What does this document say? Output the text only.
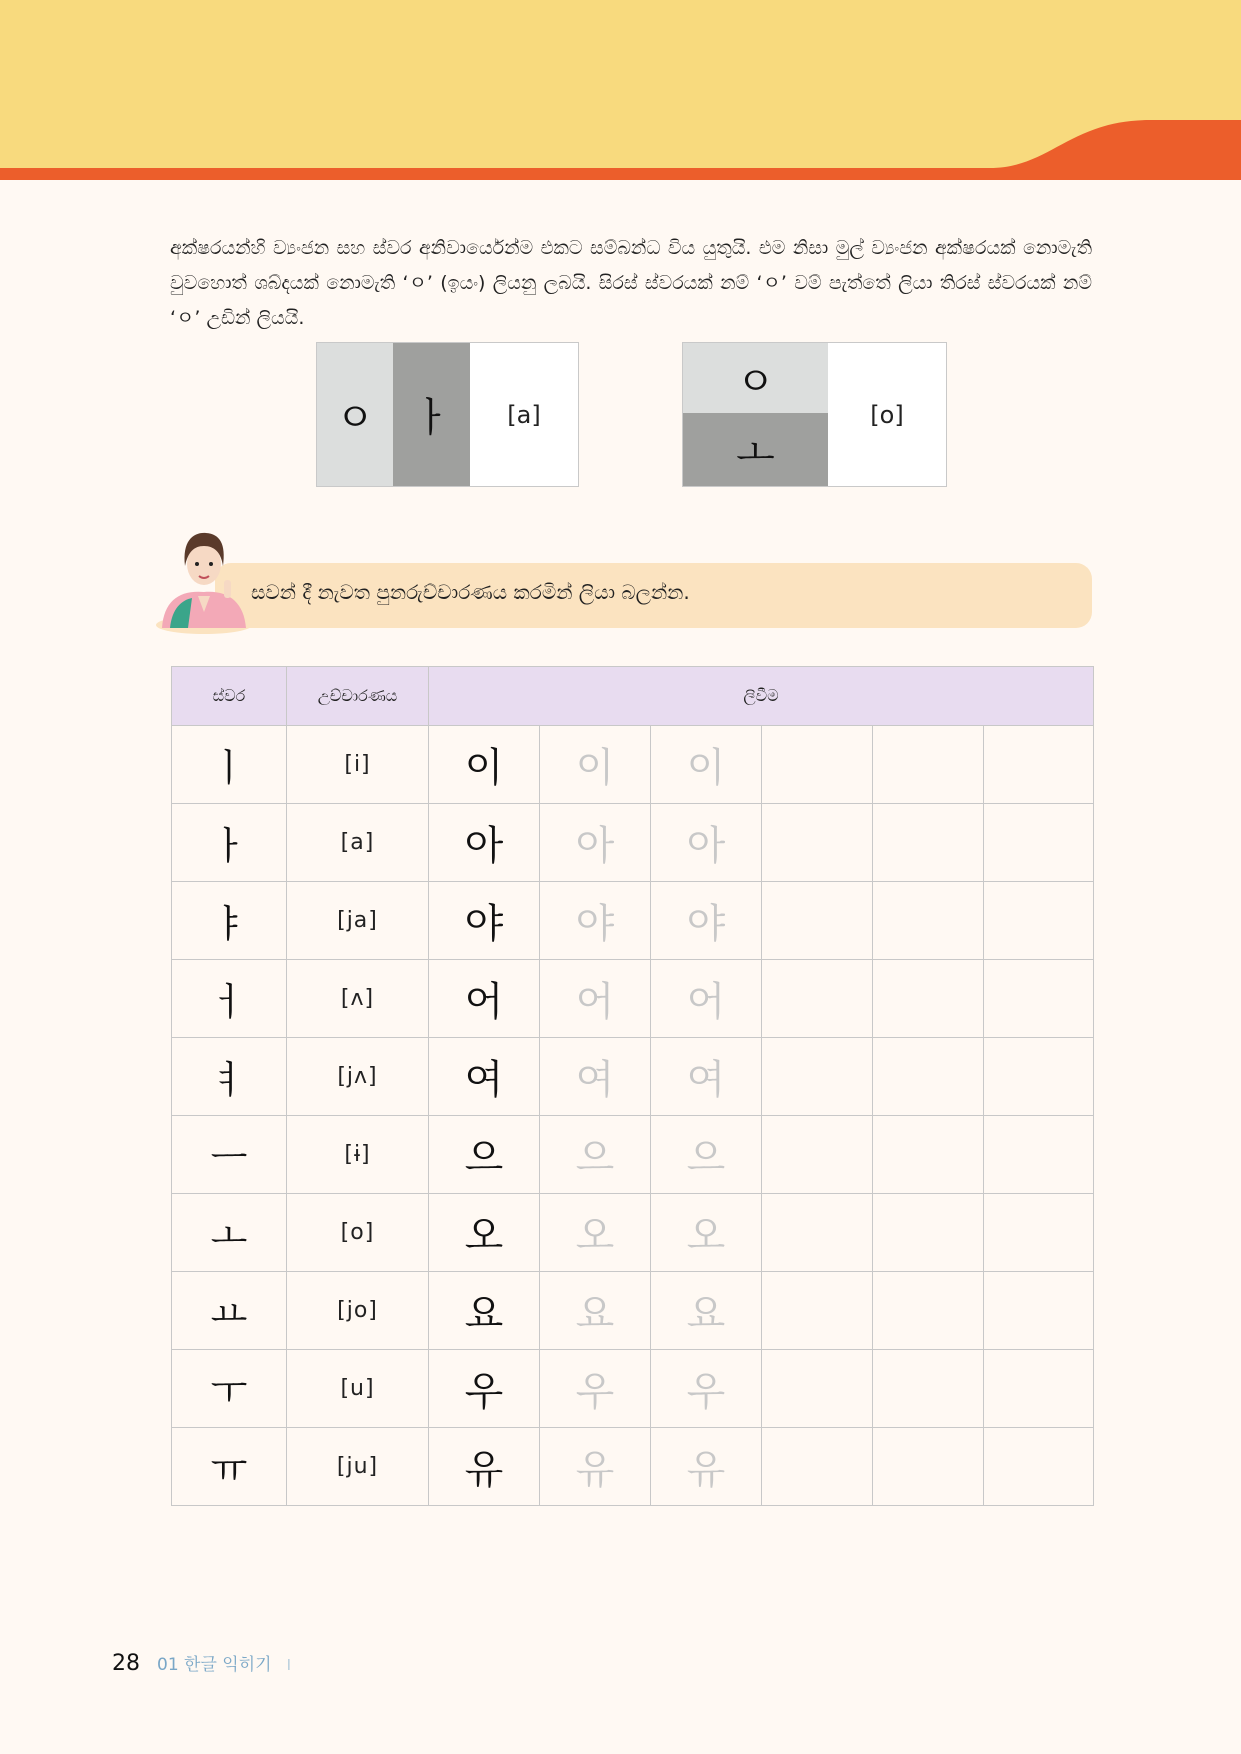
අක්ෂරයන්හි ව්‍යංජන සහ ස්වර අනිවාර්යෙන්ම එකට සම්බන්ධ විය යුතුයි. එම නිසා මුල් ව්‍යංජන අක්ෂරයක් නොමැති වුවහොත් ශබ්දයක් නොමැති ‘ㅇ’ (ඉයං) ලියනු ලබයි. සිරස් ස්වරයක් නම් ‘ㅇ’ වම් පැත්තේ ලියා තිරස් ස්වරයක් නම් ‘ㅇ’ උඩින් ලියයි.

ㅇ ㅏ	[a]
ㅇ
ㅗ
[o]
සවන් දී නැවත පුනරුච්චාරණය කරමින් ලියා බලන්න.
ස්වර	උච්චාරණය	ලිවීම					
ㅣ	[i]	이	이	이			
ㅏ	[a]	아	아	아			
ㅑ	[ja]	야	야	야			
ㅓ	[ʌ]	어	어	어			
ㅕ	[jʌ]	여	여	여			
ㅡ	[ɨ]	으	으	으			
ㅗ	[o]	오	오	오			
ㅛ	[jo]	요	요	요			
ㅜ	[u]	우	우	우			
ㅠ	[ju]	유	유	유			
28 01 한글 익히기 I
